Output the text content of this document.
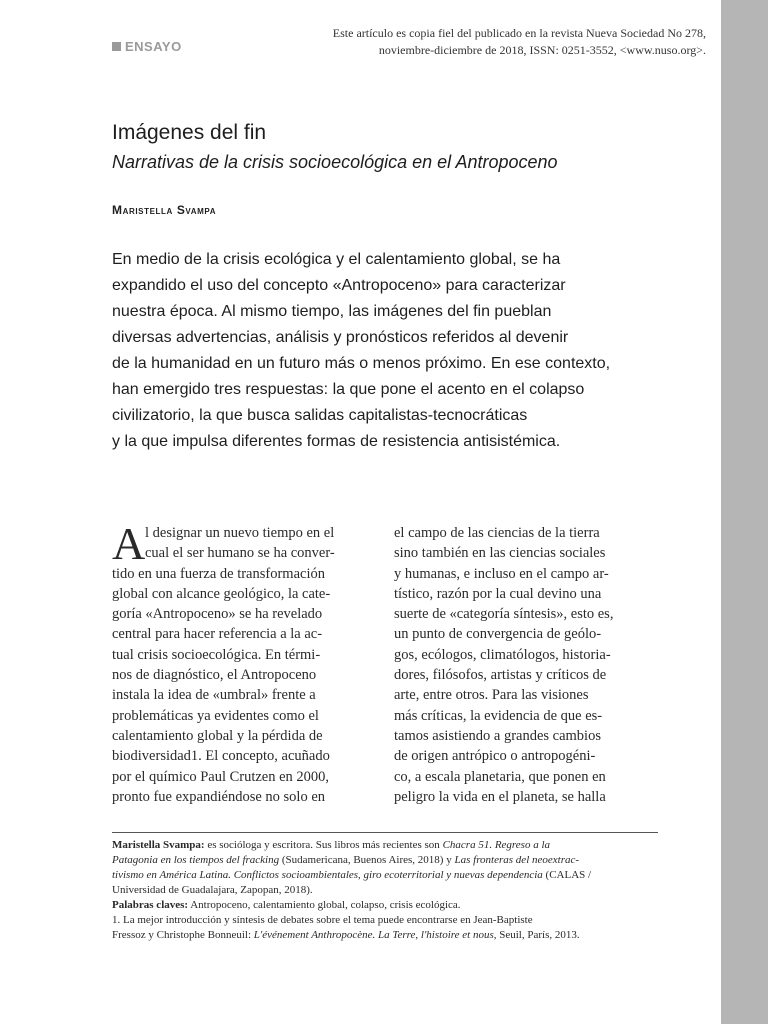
ENSAYO
Este artículo es copia fiel del publicado en la revista Nueva Sociedad No 278,
noviembre-diciembre de 2018, ISSN: 0251-3552, <www.nuso.org>.
Imágenes del fin
Narrativas de la crisis socioecológica en el Antropoceno
Maristella Svampa
En medio de la crisis ecológica y el calentamiento global, se ha
expandido el uso del concepto «Antropoceno» para caracterizar
nuestra época. Al mismo tiempo, las imágenes del fin pueblan
diversas advertencias, análisis y pronósticos referidos al devenir
de la humanidad en un futuro más o menos próximo. En ese contexto,
han emergido tres respuestas: la que pone el acento en el colapso
civilizatorio, la que busca salidas capitalistas-tecnocráticas
y la que impulsa diferentes formas de resistencia antisistémica.
A l designar un nuevo tiempo en el
cual el ser humano se ha conver-
tido en una fuerza de transformación
global con alcance geológico, la cate-
goría «Antropoceno» se ha revelado
central para hacer referencia a la ac-
tual crisis socioecológica. En térmi-
nos de diagnóstico, el Antropoceno
instala la idea de «umbral» frente a
problemáticas ya evidentes como el
calentamiento global y la pérdida de
biodiversidad1. El concepto, acuñado
por el químico Paul Crutzen en 2000,
pronto fue expandiéndose no solo en
el campo de las ciencias de la tierra
sino también en las ciencias sociales
y humanas, e incluso en el campo ar-
tístico, razón por la cual devino una
suerte de «categoría síntesis», esto es,
un punto de convergencia de geólo-
gos, ecólogos, climatólogos, historia-
dores, filósofos, artistas y críticos de
arte, entre otros. Para las visiones
más críticas, la evidencia de que es-
tamos asistiendo a grandes cambios
de origen antrópico o antropogéni-
co, a escala planetaria, que ponen en
peligro la vida en el planeta, se halla
Maristella Svampa: es socióloga y escritora. Sus libros más recientes son Chacra 51. Regreso a la
Patagonia en los tiempos del fracking (Sudamericana, Buenos Aires, 2018) y Las fronteras del neoextrac-
tivismo en América Latina. Conflictos socioambientales, giro ecoterritorial y nuevas dependencia (CALAS /
Universidad de Guadalajara, Zapopan, 2018).
Palabras claves: Antropoceno, calentamiento global, colapso, crisis ecológica.
1. La mejor introducción y síntesis de debates sobre el tema puede encontrarse en Jean-Baptiste
Fressoz y Christophe Bonneuil: L'événement Anthropocène. La Terre, l'histoire et nous, Seuil, París, 2013.
